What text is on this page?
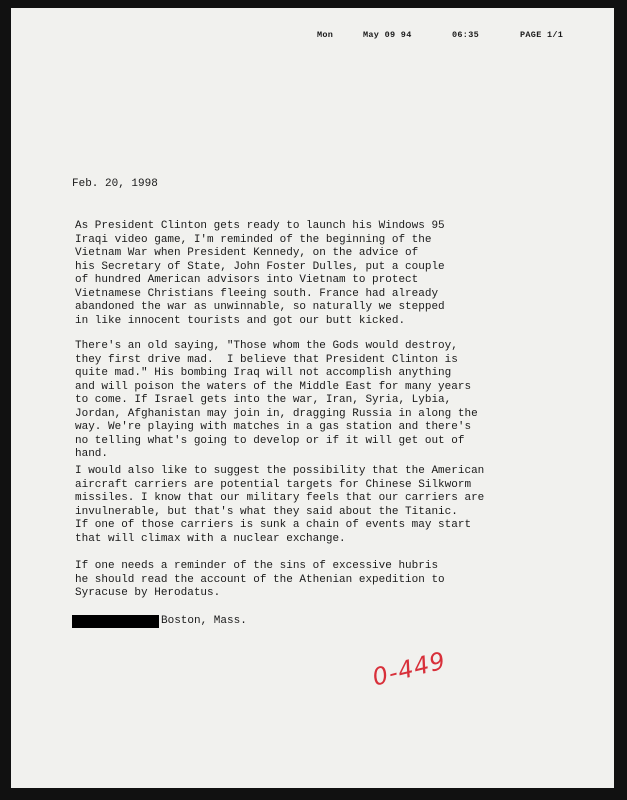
Mon	May 09 94	06:35	PAGE 1/1
Feb. 20, 1998
As President Clinton gets ready to launch his Windows 95
Iraqi video game, I'm reminded of the beginning of the
Vietnam War when President Kennedy, on the advice of
his Secretary of State, John Foster Dulles, put a couple
of hundred American advisors into Vietnam to protect
Vietnamese Christians fleeing south. France had already
abandoned the war as unwinnable, so naturally we stepped
in like innocent tourists and got our butt kicked.
There's an old saying, "Those whom the Gods would destroy,
they first drive mad.  I believe that President Clinton is
quite mad." His bombing Iraq will not accomplish anything
and will poison the waters of the Middle East for many years
to come. If Israel gets into the war, Iran, Syria, Lybia,
Jordan, Afghanistan may join in, dragging Russia in along the
way. We're playing with matches in a gas station and there's
no telling what's going to develop or if it will get out of
hand.
I would also like to suggest the possibility that the American
aircraft carriers are potential targets for Chinese Silkworm
missiles. I know that our military feels that our carriers are
invulnerable, but that's what they said about the Titanic.
If one of those carriers is sunk a chain of events may start
that will climax with a nuclear exchange.
If one needs a reminder of the sins of excessive hubris
he should read the account of the Athenian expedition to
Syracuse by Herodatus.
Boston, Mass.
0-449
